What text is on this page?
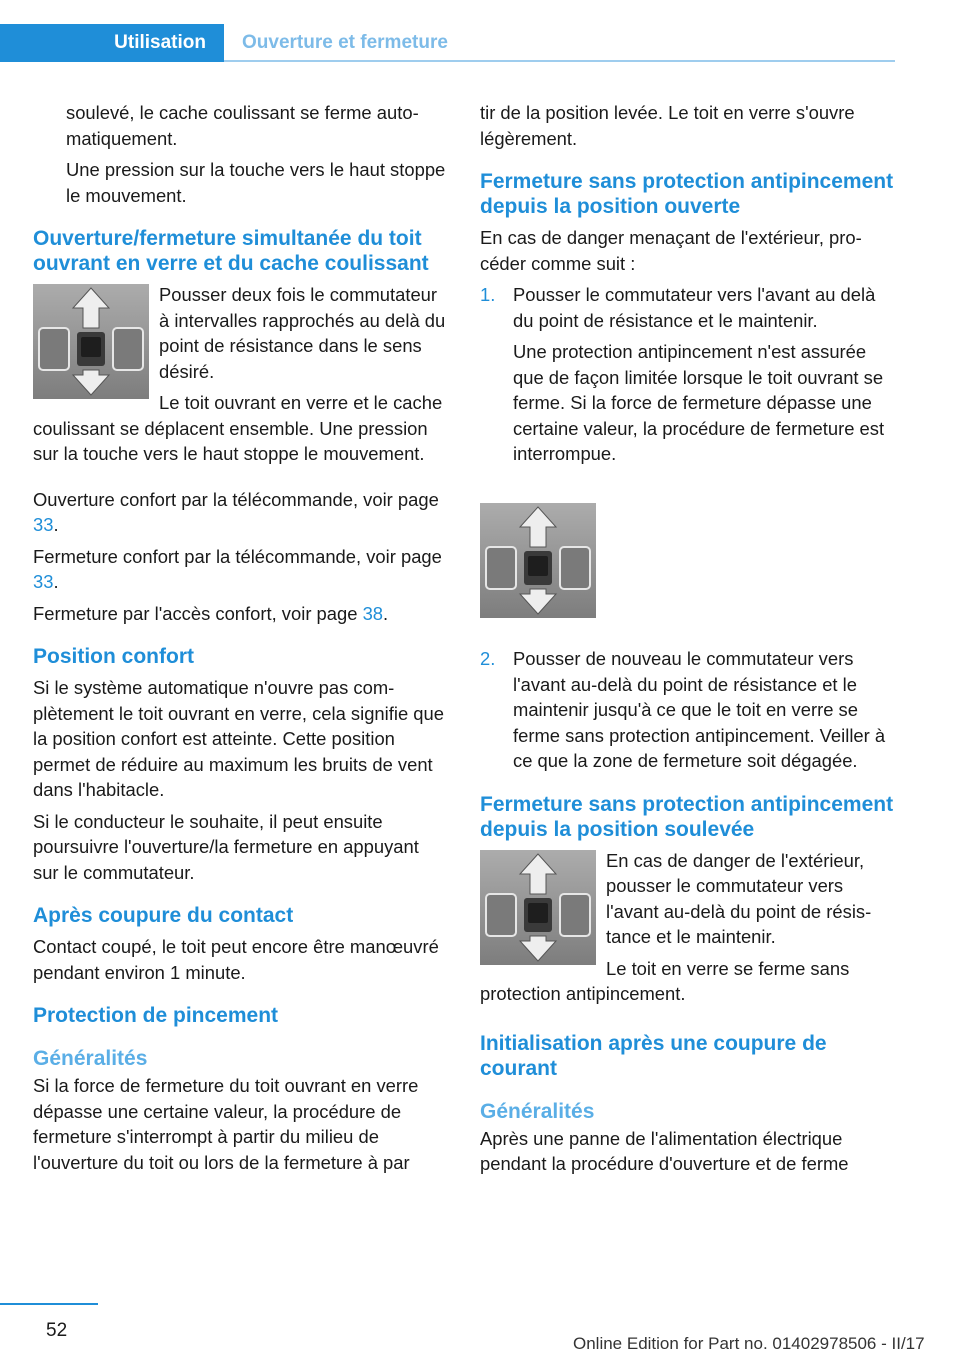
Utilisation Ouverture et fermeture

soulevé, le cache coulissant se ferme automatiquement.

Une pression sur la touche vers le haut stoppe le mouvement.

Ouverture/fermeture simultanée du toit ouvrant en verre et du cache coulissant

Pousser deux fois le commutateur à intervalles rapprochés au delà du point de résistance dans le sens désiré.

Le toit ouvrant en verre et le cache coulissant se déplacent ensemble. Une pression sur la touche vers le haut stoppe le mouvement.

Ouverture confort par la télécommande, voir page 33.

Fermeture confort par la télécommande, voir page 33.

Fermeture par l'accès confort, voir page 38.

Position confort

Si le système automatique n'ouvre pas complètement le toit ouvrant en verre, cela signifie que la position confort est atteinte. Cette position permet de réduire au maximum les bruits de vent dans l'habitacle.

Si le conducteur le souhaite, il peut ensuite poursuivre l'ouverture/la fermeture en appuyant sur le commutateur.

Après coupure du contact

Contact coupé, le toit peut encore être manœuvré pendant environ 1 minute.

Protection de pincement
Généralités

Si la force de fermeture du toit ouvrant en verre dépasse une certaine valeur, la procédure de fermeture s'interrompt à partir du milieu de l'ouverture du toit ou lors de la fermeture à par

tir de la position levée. Le toit en verre s'ouvre légèrement.

Fermeture sans protection antipincement depuis la position ouverte

En cas de danger menaçant de l'extérieur, procéder comme suit :

1. Pousser le commutateur vers l'avant au delà du point de résistance et le maintenir.

Une protection antipincement n'est assurée que de façon limitée lorsque le toit ouvrant se ferme. Si la force de fermeture dépasse une certaine valeur, la procédure de fermeture est interrompue.

2. Pousser de nouveau le commutateur vers l'avant au-delà du point de résistance et le maintenir jusqu'à ce que le toit en verre se ferme sans protection antipincement. Veiller à ce que la zone de fermeture soit dégagée.

Fermeture sans protection antipincement depuis la position soulevée

En cas de danger de l'extérieur, pousser le commutateur vers l'avant au-delà du point de résistance et le maintenir.

Le toit en verre se ferme sans protection antipincement.

Initialisation après une coupure de courant
Généralités

Après une panne de l'alimentation électrique pendant la procédure d'ouverture et de ferme

52
Online Edition for Part no. 01402978506 - II/17
